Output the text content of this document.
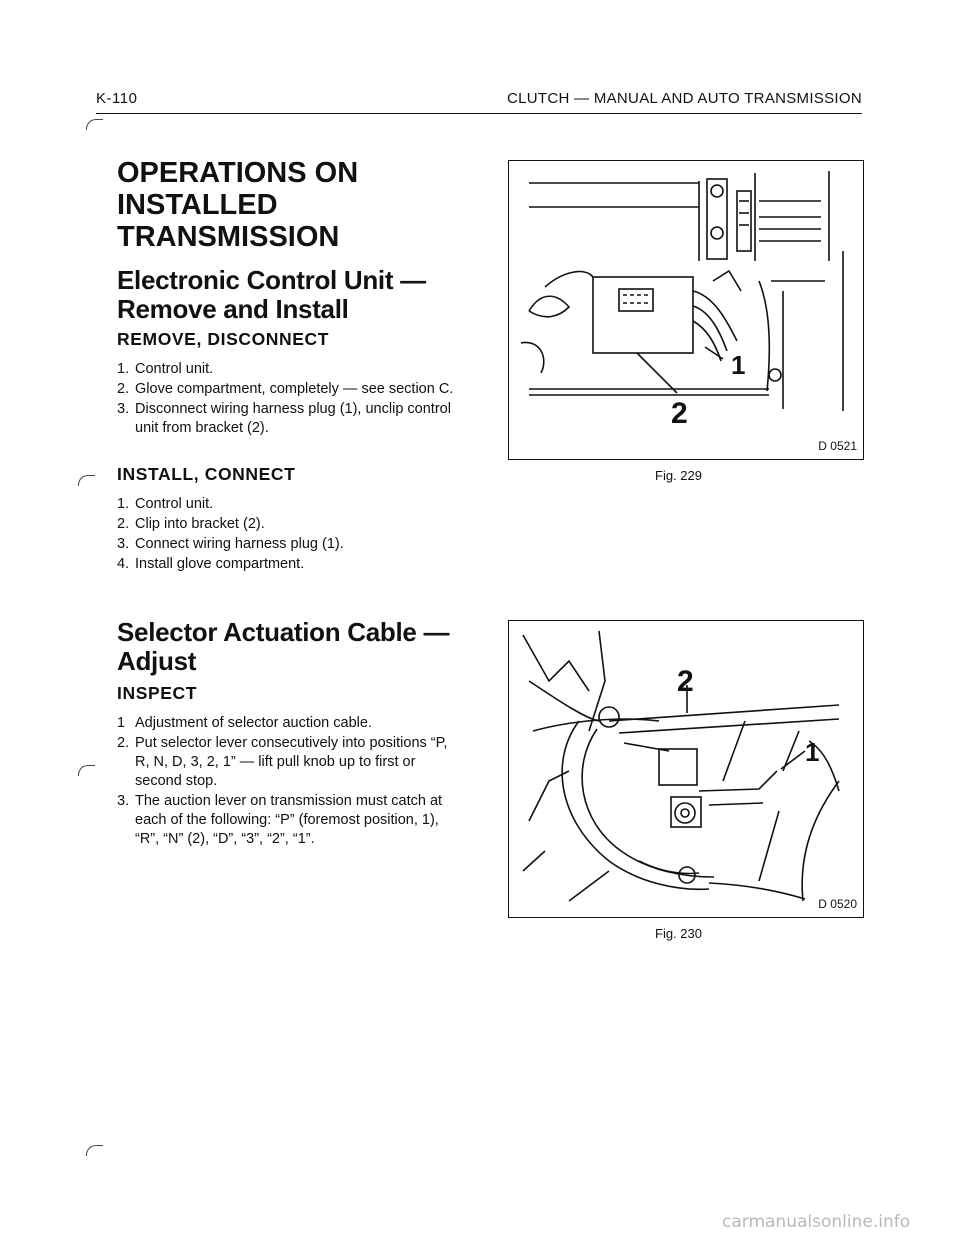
K-110	CLUTCH — MANUAL AND AUTO TRANSMISSION
OPERATIONS ON INSTALLED TRANSMISSION
Electronic Control Unit — Remove and Install
REMOVE, DISCONNECT
1. Control unit.
2. Glove compartment, completely — see section C.
3. Disconnect wiring harness plug (1), unclip control unit from bracket (2).
INSTALL, CONNECT
1. Control unit.
2. Clip into bracket (2).
3. Connect wiring harness plug (1).
4. Install glove compartment.
Selector Actuation Cable — Adjust
INSPECT
1 Adjustment of selector auction cable.
2. Put selector lever consecutively into positions “P, R, N, D, 3, 2, 1” — lift pull knob up to first or second stop.
3. The auction lever on transmission must catch at each of the following: “P” (foremost position, 1), “R”, “N” (2), “D”, “3”, “2”, “1”.
1
2
D 0521
Fig. 229
2
1
D 0520
Fig. 230
carmanualsonline.info
